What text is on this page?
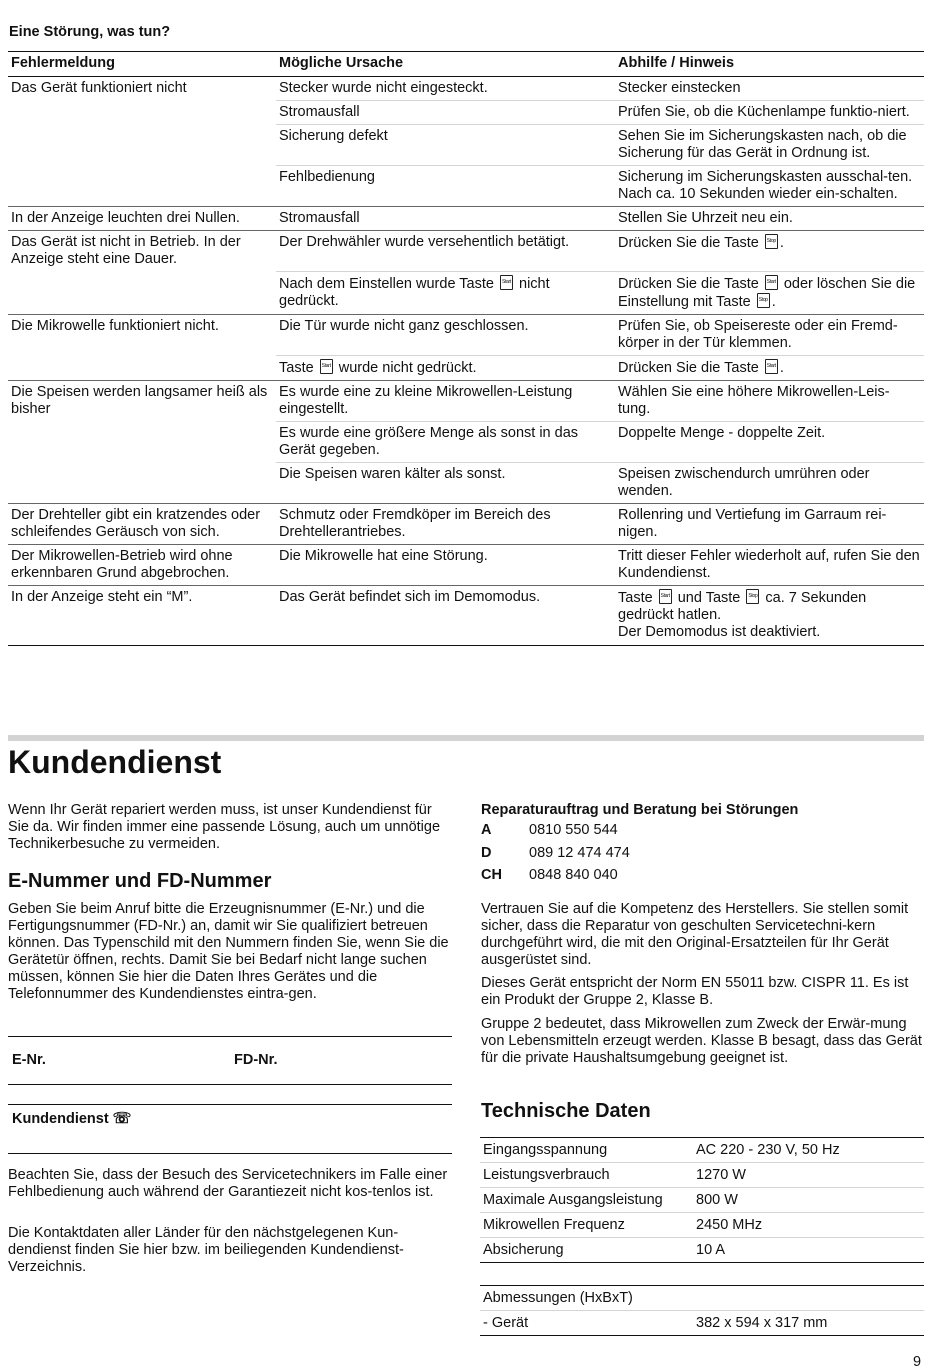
Eine Störung, was tun?
Fehlermeldung	Mögliche Ursache	Abhilfe / Hinweis
Das Gerät funktioniert nicht	Stecker wurde nicht eingesteckt.	Stecker einstecken
	Stromausfall	Prüfen Sie, ob die Küchenlampe funktio-niert.
	Sicherung defekt	Sehen Sie im Sicherungskasten nach, ob die Sicherung für das Gerät in Ordnung ist.
	Fehlbedienung	Sicherung im Sicherungskasten ausschal-ten. Nach ca. 10 Sekunden wieder ein-schalten.
In der Anzeige leuchten drei Nullen.	Stromausfall	Stellen Sie Uhrzeit neu ein.
Das Gerät ist nicht in Betrieb. In der Anzeige steht eine Dauer.	Der Drehwähler wurde versehentlich betätigt.	Drücken Sie die Taste Stop .
	Nach dem Einstellen wurde Taste Start nicht gedrückt.	Drücken Sie die Taste Start oder löschen Sie die Einstellung mit Taste Stop .
Die Mikrowelle funktioniert nicht.	Die Tür wurde nicht ganz geschlossen.	Prüfen Sie, ob Speisereste oder ein Fremd-körper in der Tür klemmen.
	Taste Start wurde nicht gedrückt.	Drücken Sie die Taste Start .
Die Speisen werden langsamer heiß als bisher	Es wurde eine zu kleine Mikrowellen-Leistung eingestellt.	Wählen Sie eine höhere Mikrowellen-Leis-tung.
	Es wurde eine größere Menge als sonst in das Gerät gegeben.	Doppelte Menge - doppelte Zeit.
	Die Speisen waren kälter als sonst.	Speisen zwischendurch umrühren oder wenden.
Der Drehteller gibt ein kratzendes oder schleifendes Geräusch von sich.	Schmutz oder Fremdköper im Bereich des Drehtellerantriebes.	Rollenring und Vertiefung im Garraum rei-nigen.
Der Mikrowellen-Betrieb wird ohne erkennbaren Grund abgebrochen.	Die Mikrowelle hat eine Störung.	Tritt dieser Fehler wiederholt auf, rufen Sie den Kundendienst.
In der Anzeige steht ein “M”.	Das Gerät befindet sich im Demomodus.	Taste Start und Taste Stop ca. 7 Sekunden gedrückt hatlen.
Der Demomodus ist deaktiviert.
Kundendienst
Wenn Ihr Gerät repariert werden muss, ist unser Kundendienst für Sie da. Wir finden immer eine passende Lösung, auch um unnötige Technikerbesuche zu vermeiden.
E-Nummer und FD-Nummer
Geben Sie beim Anruf bitte die Erzeugnisnummer (E-Nr.) und die Fertigungsnummer (FD-Nr.) an, damit wir Sie qualifiziert betreuen können. Das Typenschild mit den Nummern finden Sie, wenn Sie die Gerätetür öffnen, rechts. Damit Sie bei Bedarf nicht lange suchen müssen, können Sie hier die Daten Ihres Gerätes und die Telefonnummer des Kundendienstes eintra-gen.
E-Nr.	FD-Nr.
Kundendienst ☏
Beachten Sie, dass der Besuch des Servicetechnikers im Falle einer Fehlbedienung auch während der Garantiezeit nicht kos-tenlos ist.
Die Kontaktdaten aller Länder für den nächstgelegenen Kun-dendienst finden Sie hier bzw. im beiliegenden Kundendienst-Verzeichnis.
Reparaturauftrag und Beratung bei Störungen
A	0810 550 544
D	089 12 474 474
CH 0848 840 040
Vertrauen Sie auf die Kompetenz des Herstellers. Sie stellen somit sicher, dass die Reparatur von geschulten Servicetechni-kern durchgeführt wird, die mit den Original-Ersatzteilen für Ihr Gerät ausgerüstet sind.
Dieses Gerät entspricht der Norm EN 55011 bzw. CISPR 11. Es ist ein Produkt der Gruppe 2, Klasse B.
Gruppe 2 bedeutet, dass Mikrowellen zum Zweck der Erwär-mung von Lebensmitteln erzeugt werden. Klasse B besagt, dass das Gerät für die private Haushaltsumgebung geeignet ist.
Technische Daten
Eingangsspannung	AC 220 - 230 V, 50 Hz
Leistungsverbrauch	1270 W
Maximale Ausgangsleistung	800 W
Mikrowellen Frequenz	2450 MHz
Absicherung	10 A
Abmessungen (HxBxT)	
- Gerät	382 x 594 x 317 mm
9
